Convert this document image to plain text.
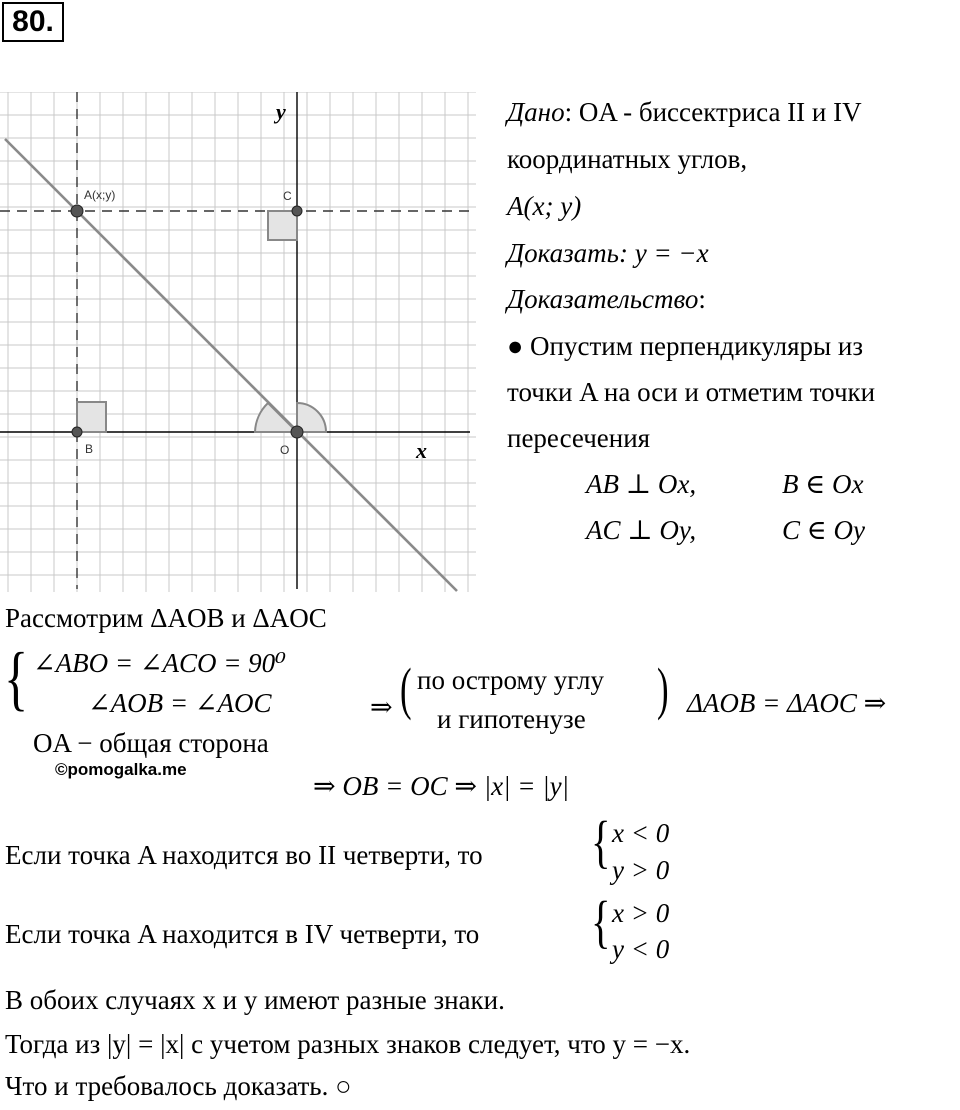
80.
A(x;y)	C
B	O
y
x
Дано: OA - биссектриса II и IV
координатных углов,
A(x; y)
Доказать: y = −x
Доказательство:
● Опустим перпендикуляры из
точки A на оси и отметим точки
пересечения
AB ⊥ Ox,	B ∈ Ox
AC ⊥ Oy,	C ∈ Oy
Рассмотрим ΔAOB и ΔAOC
{ ∠ABO = ∠ACO = 90⁰
∠AOB = ∠AOC
OA − общая сторона
⇒ ( по острому углу
и гипотенузе ) ΔAOB = ΔAOC ⇒
©pomogalka.me
⇒ OB = OC ⇒ |x| = |y|
Если точка A находится во II четверти, то { x < 0
y > 0
Если точка A находится в IV четверти, то { x > 0
y < 0
В обоих случаях x и y имеют разные знаки.
Тогда из |y| = |x| с учетом разных знаков следует, что y = −x.
Что и требовалось доказать. ○
